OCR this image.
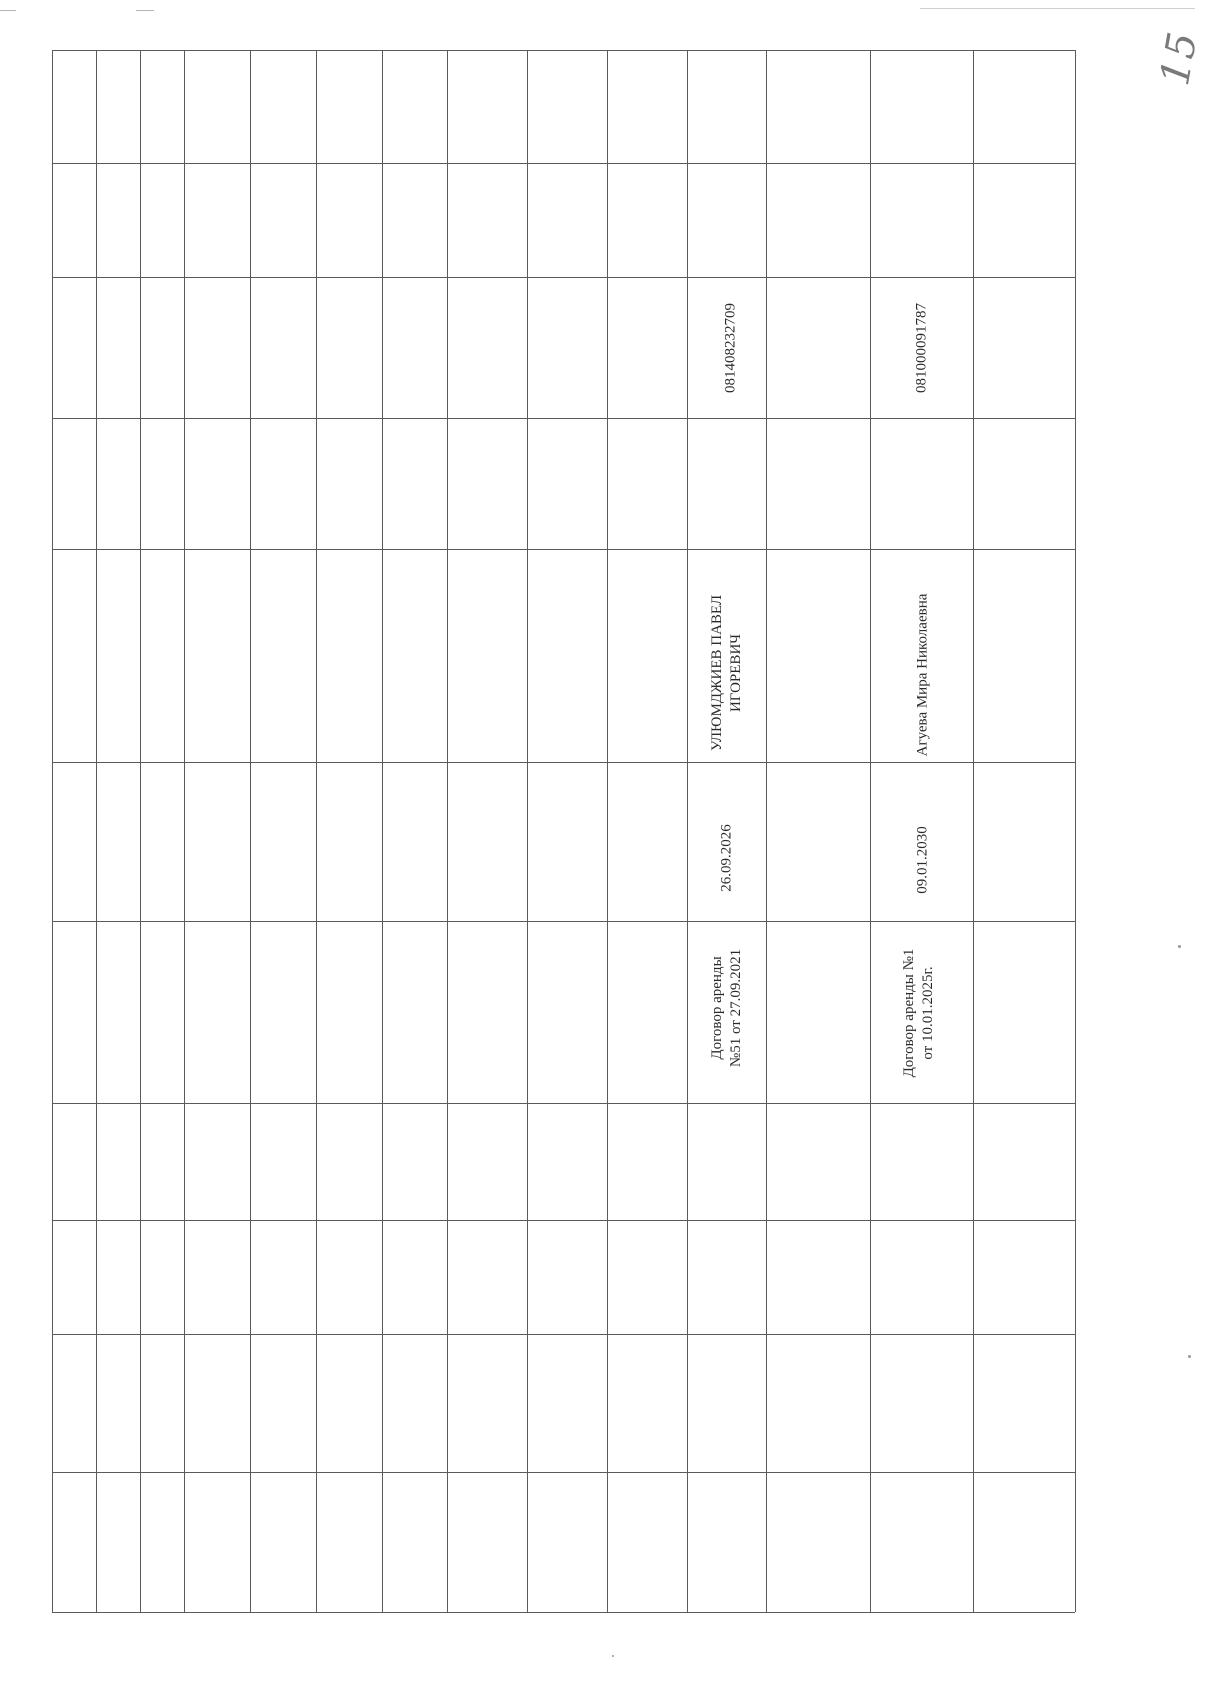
Договор аренды №51 от 27.09.2021
26.09.2026
УЛЮМДЖИЕВ ПАВЕЛ ИГОРЕВИЧ
081408232709
Договор аренды №1 от 10.01.2025г.
09.01.2030
Агуева Мира Николаевна
081000091787
15
